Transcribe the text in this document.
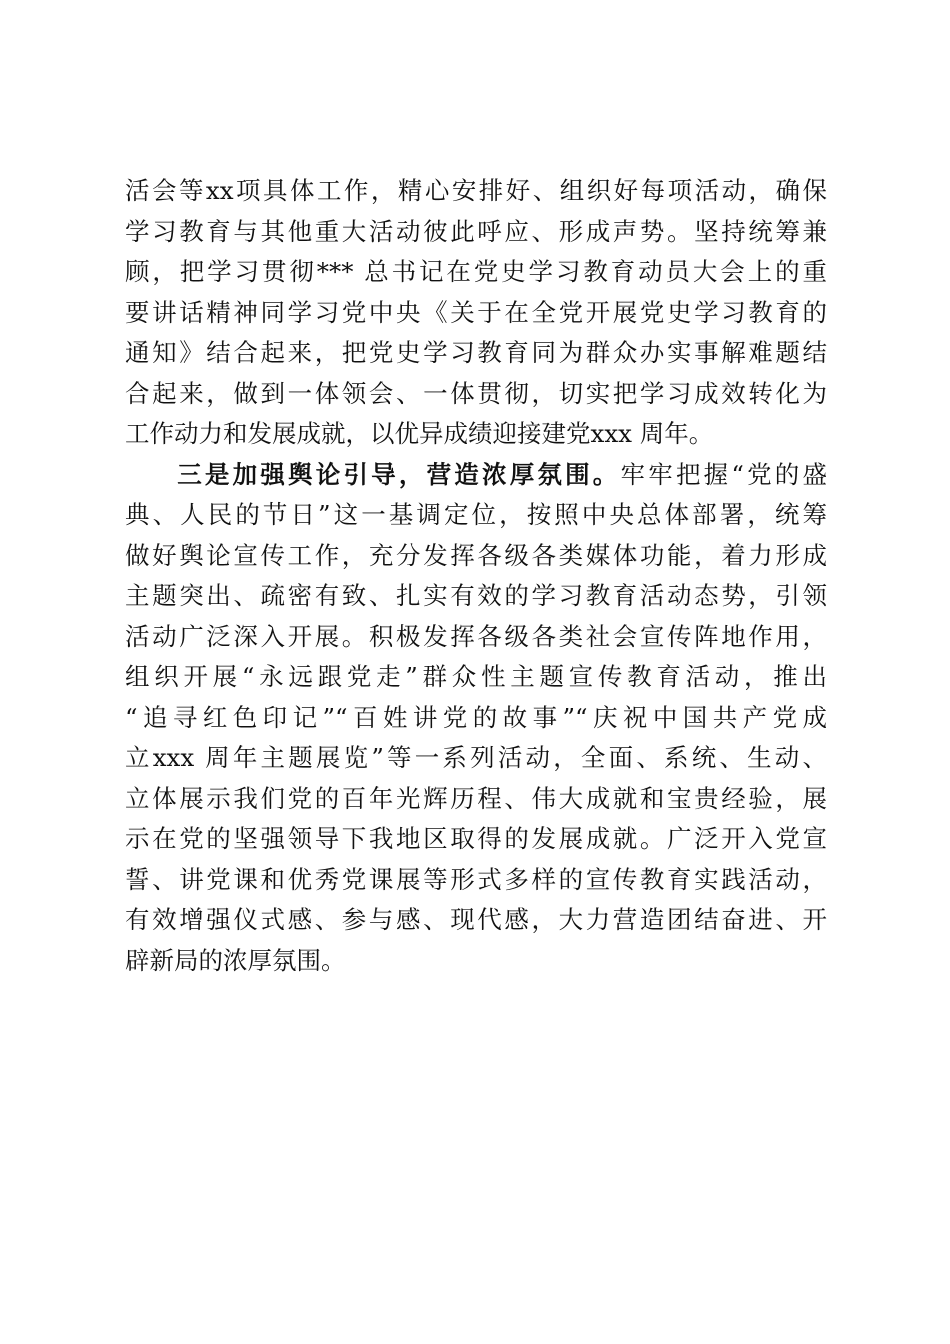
活会等xx项具体工作，精心安排好、组织好每项活动，确保
学习教育与其他重大活动彼此呼应、形成声势。坚持统筹兼
顾，把学习贯彻*** 总书记在党史学习教育动员大会上的重
要讲话精神同学习党中央《关于在全党开展党史学习教育的
通知》结合起来，把党史学习教育同为群众办实事解难题结
合起来，做到一体领会、一体贯彻，切实把学习成效转化为
工作动力和发展成就，以优异成绩迎接建党xxx 周年。
三是加强舆论引导，营造浓厚氛围。牢牢把握“党的盛
典、人民的节日”这一基调定位，按照中央总体部署，统筹
做好舆论宣传工作，充分发挥各级各类媒体功能，着力形成
主题突出、疏密有致、扎实有效的学习教育活动态势，引领
活动广泛深入开展。积极发挥各级各类社会宣传阵地作用，
组织开展“永远跟党走”群众性主题宣传教育活动，推出
“追寻红色印记”“百姓讲党的故事”“庆祝中国共产党成
立xxx 周年主题展览”等一系列活动，全面、系统、生动、
立体展示我们党的百年光辉历程、伟大成就和宝贵经验，展
示在党的坚强领导下我地区取得的发展成就。广泛开入党宣
誓、讲党课和优秀党课展等形式多样的宣传教育实践活动，
有效增强仪式感、参与感、现代感，大力营造团结奋进、开
辟新局的浓厚氛围。
